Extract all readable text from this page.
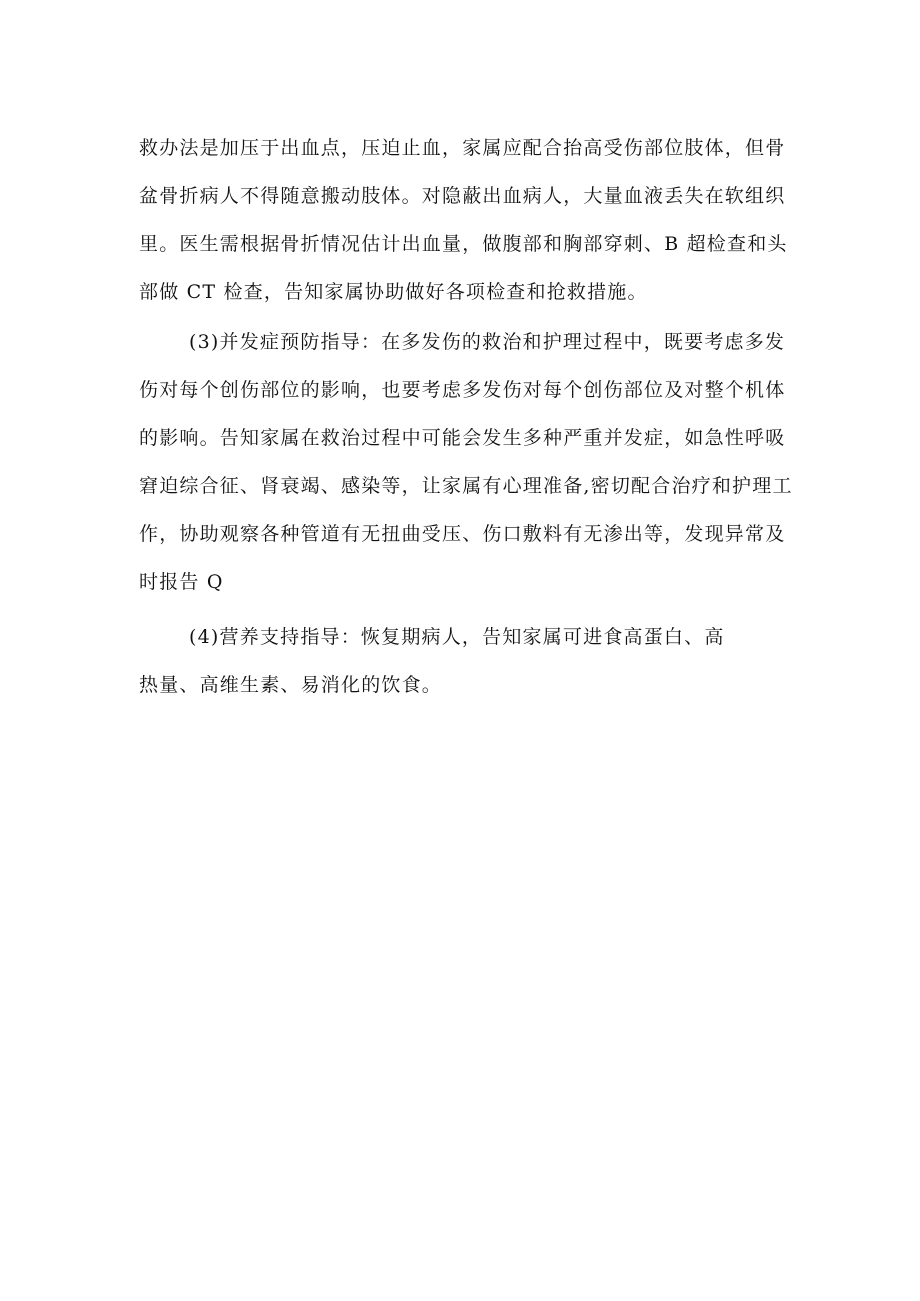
救办法是加压于出血点，压迫止血，家属应配合抬高受伤部位肢体，但骨
盆骨折病人不得随意搬动肢体。对隐蔽出血病人，大量血液丢失在软组织
里。医生需根据骨折情况估计出血量，做腹部和胸部穿刺、B 超检查和头
部做 CT 检查，告知家属协助做好各项检查和抢救措施。
(3)并发症预防指导：在多发伤的救治和护理过程中，既要考虑多发
伤对每个创伤部位的影响，也要考虑多发伤对每个创伤部位及对整个机体
的影响。告知家属在救治过程中可能会发生多种严重并发症，如急性呼吸
窘迫综合征、肾衰竭、感染等，让家属有心理准备,密切配合治疗和护理工
作，协助观察各种管道有无扭曲受压、伤口敷料有无渗出等，发现异常及
时报告 Q
(4)营养支持指导：恢复期病人，告知家属可进食高蛋白、高
热量、高维生素、易消化的饮食。
